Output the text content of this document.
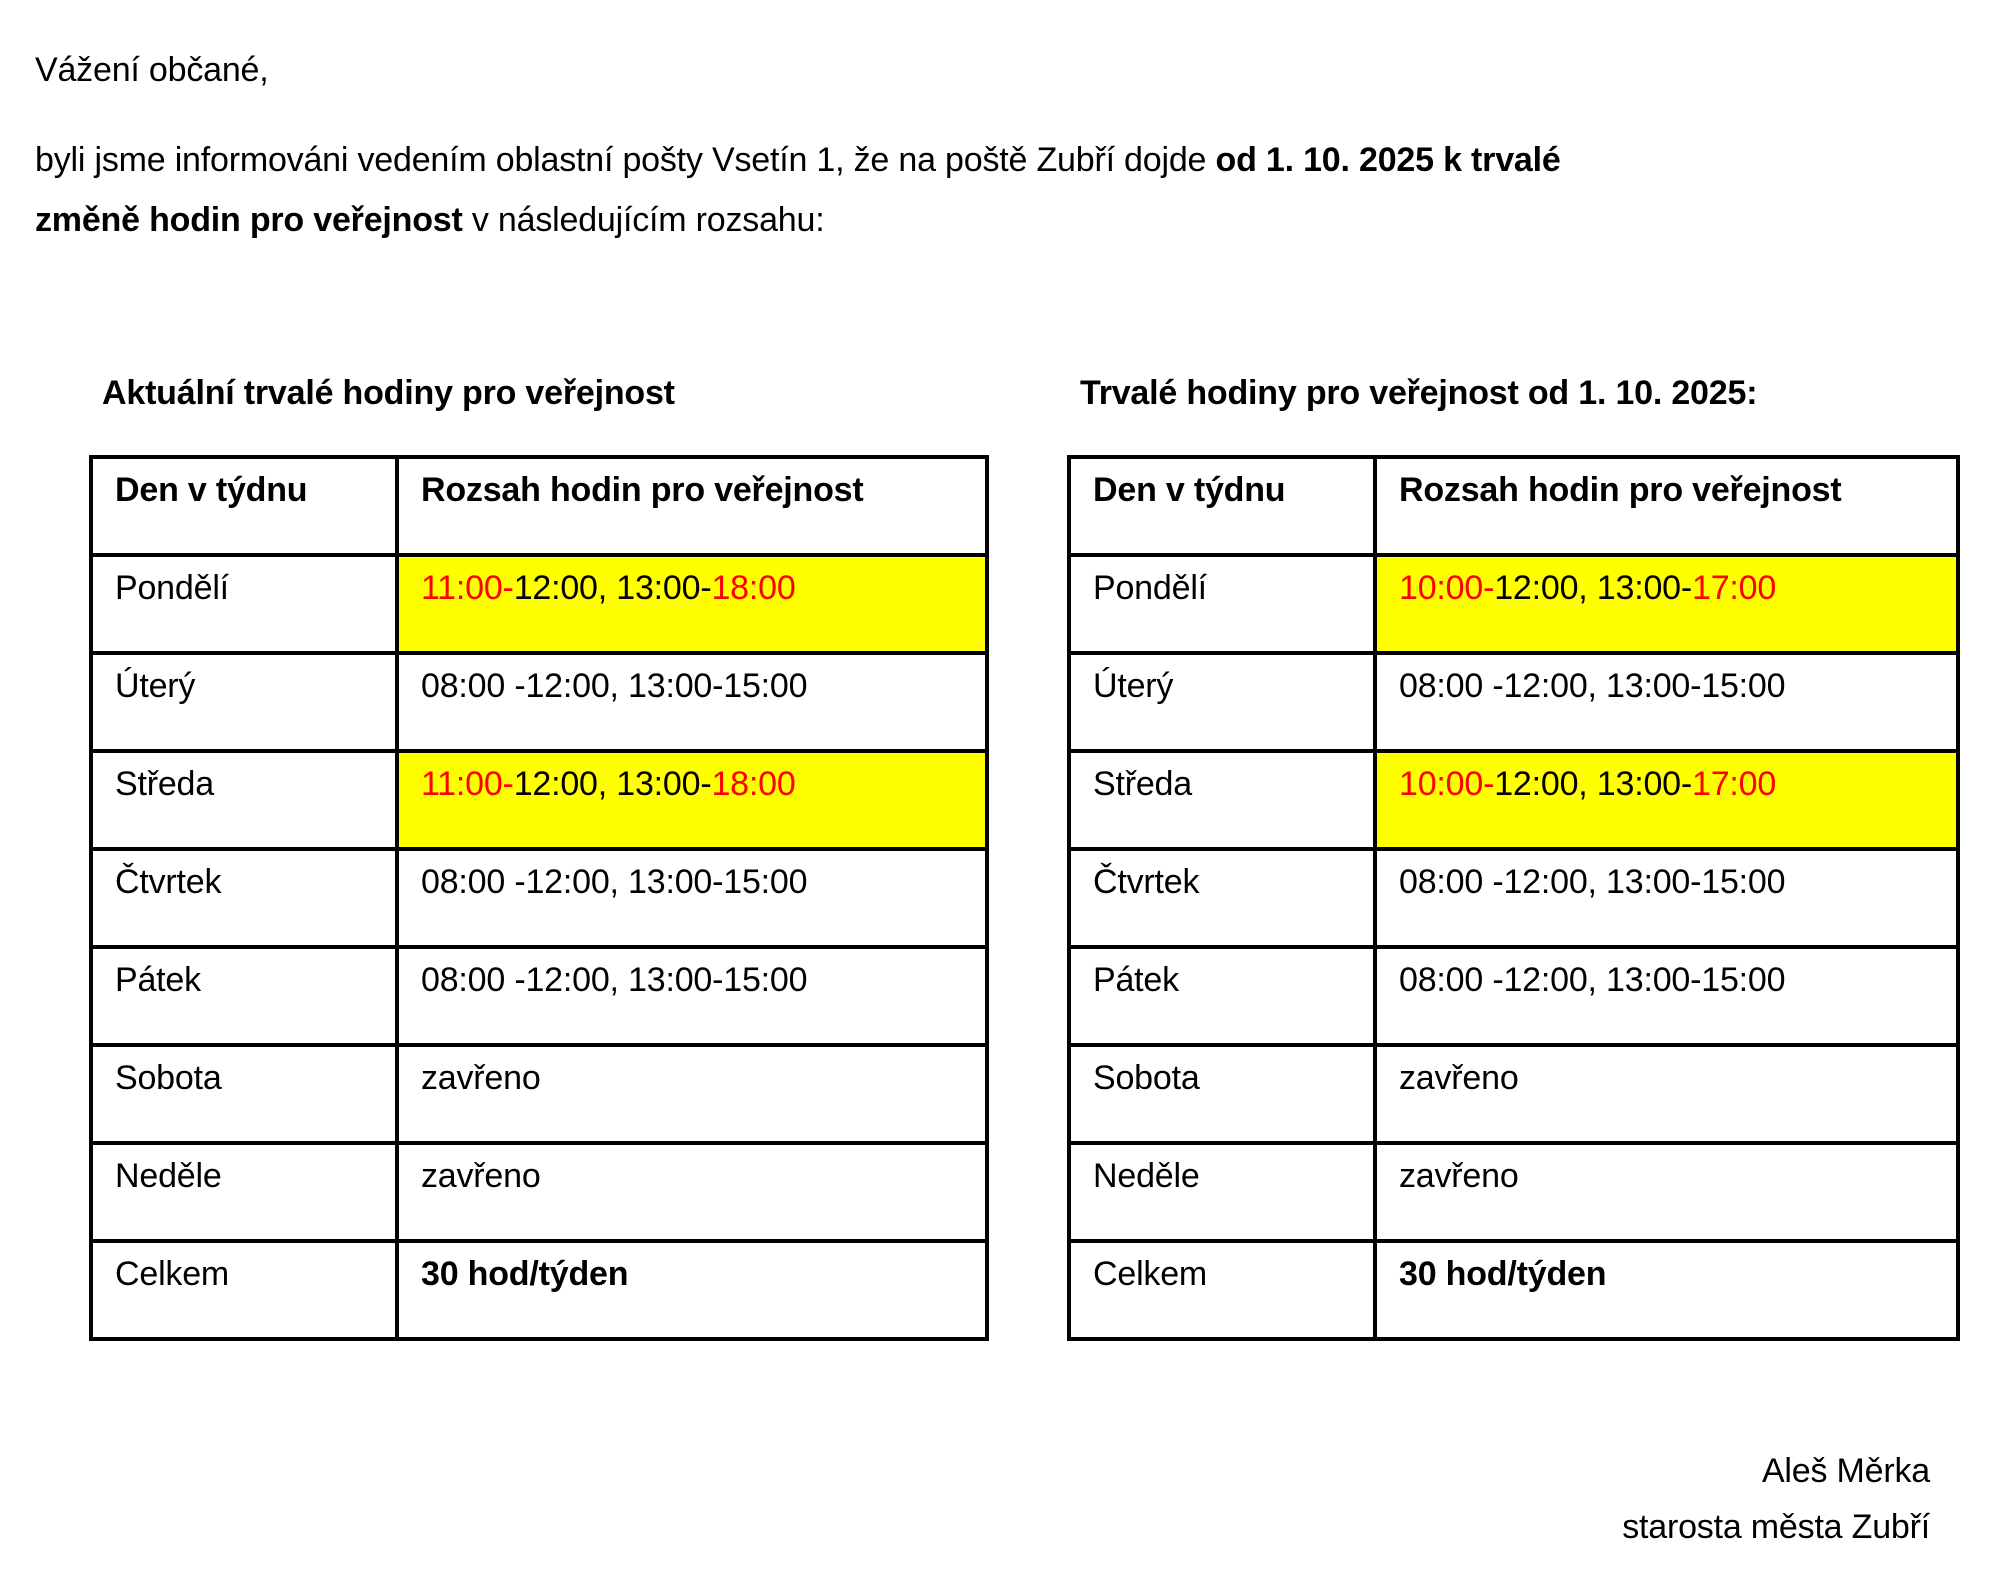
Vážení občané,

byli jsme informováni vedením oblastní pošty Vsetín 1, že na poště Zubří dojde od 1. 10. 2025 k trvalé
změně hodin pro veřejnost v následujícím rozsahu:

Aktuální trvalé hodiny pro veřejnost

Den v týdnu	Rozsah hodin pro veřejnost
Pondělí	11:00-12:00, 13:00-18:00
Úterý	08:00 -12:00, 13:00-15:00
Středa	11:00-12:00, 13:00-18:00
Čtvrtek	08:00 -12:00, 13:00-15:00
Pátek	08:00 -12:00, 13:00-15:00
Sobota	zavřeno
Neděle	zavřeno
Celkem	30 hod/týden

Trvalé hodiny pro veřejnost od 1. 10. 2025:

Den v týdnu	Rozsah hodin pro veřejnost
Pondělí	10:00-12:00, 13:00-17:00
Úterý	08:00 -12:00, 13:00-15:00
Středa	10:00-12:00, 13:00-17:00
Čtvrtek	08:00 -12:00, 13:00-15:00
Pátek	08:00 -12:00, 13:00-15:00
Sobota	zavřeno
Neděle	zavřeno
Celkem	30 hod/týden
Aleš Měrka
starosta města Zubří
